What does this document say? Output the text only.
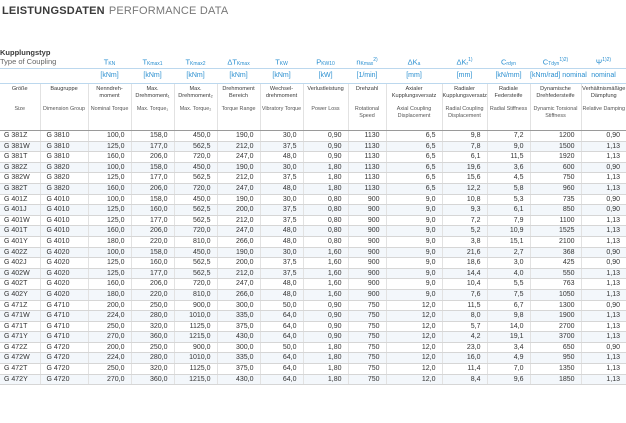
LEISTUNGSDATEN PERFORMANCE DATA
Kupplungstyp
Type of Coupling		TKN	TKmax1	TKmax2	ΔTKmax	TKW	PKW10	nKmax$^{2)}$	ΔKa	ΔKr$^{1)}$	Crdyn	CTdyn$^{1)2)}$	$\Psi^{1)2)}$
		[kNm]	[kNm]	[kNm]	[kNm]	[kNm]	[kW]	[1/min]	[mm]	[mm]	[kN/mm]	[kNm/rad] nominal	nominal
Größe	Baugruppe	Nenndreh-moment	Max. Drehmoment₁	Max. Drehmoment₂	Drehmoment Bereich	Wechsel-drehmoment	Verlustleistung	Drehzahl	Axialer Kupplungsversatz	Radialer Kupplungsversatz	Radiale Federsteife	Dynamische Drehfedersteife	Verhältnismäßige Dämpfung
Size	Dimension Group	Nominal Torque	Max. Torque₁	Max. Torque₂	Torque Range	Vibratory Torque	Power Loss	Rotational Speed	Axial Coupling Displacement	Radial Coupling Displacement	Radial Stiffness	Dynamic Torsional Stiffness	Relative Damping
G 381Z	G 3810	100,0	158,0	450,0	190,0	30,0	0,90	1130	6,5	9,8	7,2	1200	0,90
G 381W	G 3810	125,0	177,0	562,5	212,0	37,5	0,90	1130	6,5	7,8	9,0	1500	1,13
G 381T	G 3810	160,0	206,0	720,0	247,0	48,0	0,90	1130	6,5	6,1	11,5	1920	1,13
G 382Z	G 3820	100,0	158,0	450,0	190,0	30,0	1,80	1130	6,5	19,6	3,6	600	0,90
G 382W	G 3820	125,0	177,0	562,5	212,0	37,5	1,80	1130	6,5	15,6	4,5	750	1,13
G 382T	G 3820	160,0	206,0	720,0	247,0	48,0	1,80	1130	6,5	12,2	5,8	960	1,13
G 401Z	G 4010	100,0	158,0	450,0	190,0	30,0	0,80	900	9,0	10,8	5,3	735	0,90
G 401J	G 4010	125,0	160,0	562,5	200,0	37,5	0,80	900	9,0	9,3	6,1	850	0,90
G 401W	G 4010	125,0	177,0	562,5	212,0	37,5	0,80	900	9,0	7,2	7,9	1100	1,13
G 401T	G 4010	160,0	206,0	720,0	247,0	48,0	0,80	900	9,0	5,2	10,9	1525	1,13
G 401Y	G 4010	180,0	220,0	810,0	266,0	48,0	0,80	900	9,0	3,8	15,1	2100	1,13
G 402Z	G 4020	100,0	158,0	450,0	190,0	30,0	1,60	900	9,0	21,6	2,7	368	0,90
G 402J	G 4020	125,0	160,0	562,5	200,0	37,5	1,60	900	9,0	18,6	3,0	425	0,90
G 402W	G 4020	125,0	177,0	562,5	212,0	37,5	1,60	900	9,0	14,4	4,0	550	1,13
G 402T	G 4020	160,0	206,0	720,0	247,0	48,0	1,60	900	9,0	10,4	5,5	763	1,13
G 402Y	G 4020	180,0	220,0	810,0	266,0	48,0	1,60	900	9,0	7,6	7,5	1050	1,13
G 471Z	G 4710	200,0	250,0	900,0	300,0	50,0	0,90	750	12,0	11,5	6,7	1300	0,90
G 471W	G 4710	224,0	280,0	1010,0	335,0	64,0	0,90	750	12,0	8,0	9,8	1900	1,13
G 471T	G 4710	250,0	320,0	1125,0	375,0	64,0	0,90	750	12,0	5,7	14,0	2700	1,13
G 471Y	G 4710	270,0	360,0	1215,0	430,0	64,0	0,90	750	12,0	4,2	19,1	3700	1,13
G 472Z	G 4720	200,0	250,0	900,0	300,0	50,0	1,80	750	12,0	23,0	3,4	650	0,90
G 472W	G 4720	224,0	280,0	1010,0	335,0	64,0	1,80	750	12,0	16,0	4,9	950	1,13
G 472T	G 4720	250,0	320,0	1125,0	375,0	64,0	1,80	750	12,0	11,4	7,0	1350	1,13
G 472Y	G 4720	270,0	360,0	1215,0	430,0	64,0	1,80	750	12,0	8,4	9,6	1850	1,13
